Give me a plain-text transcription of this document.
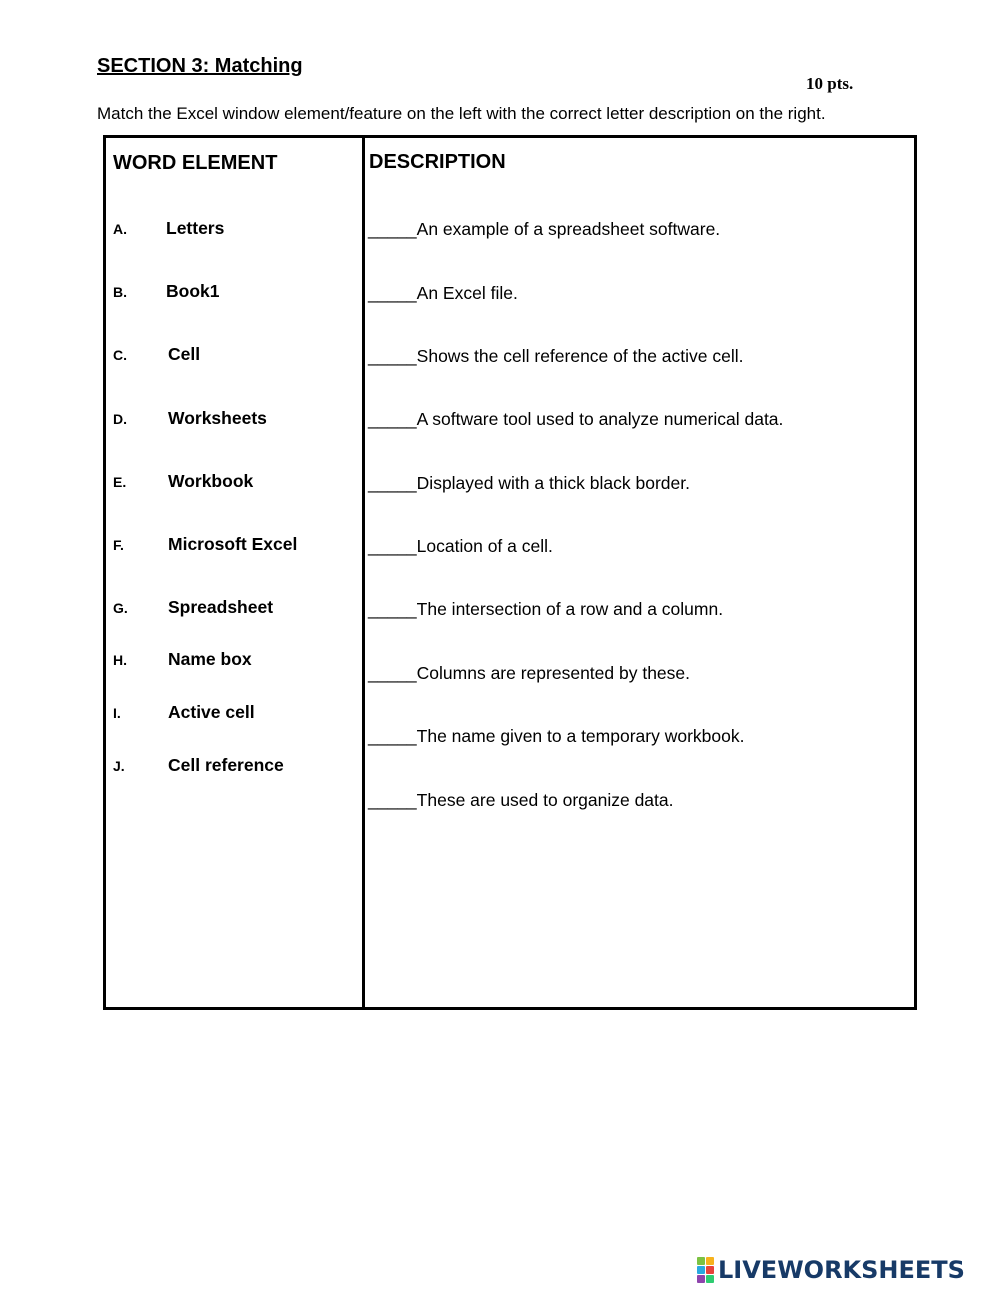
SECTION 3: Matching
10 pts.
Match the Excel window element/feature on the left with the correct letter description on the right.
WORD ELEMENT	DESCRIPTION
A. Letters
B. Book1
C. Cell
D. Worksheets
E. Workbook
F.	Microsoft Excel
G. Spreadsheet
H. Name box
I.	Active cell
J. Cell reference
_____An example of a spreadsheet software.
_____An Excel file.
_____Shows the cell reference of the active cell.
_____A software tool used to analyze numerical data.
_____Displayed with a thick black border.
_____Location of a cell.
_____The intersection of a row and a column.
_____Columns are represented by these.
_____The name given to a temporary workbook.
_____These are used to organize data.
LIVEWORKSHEETS
